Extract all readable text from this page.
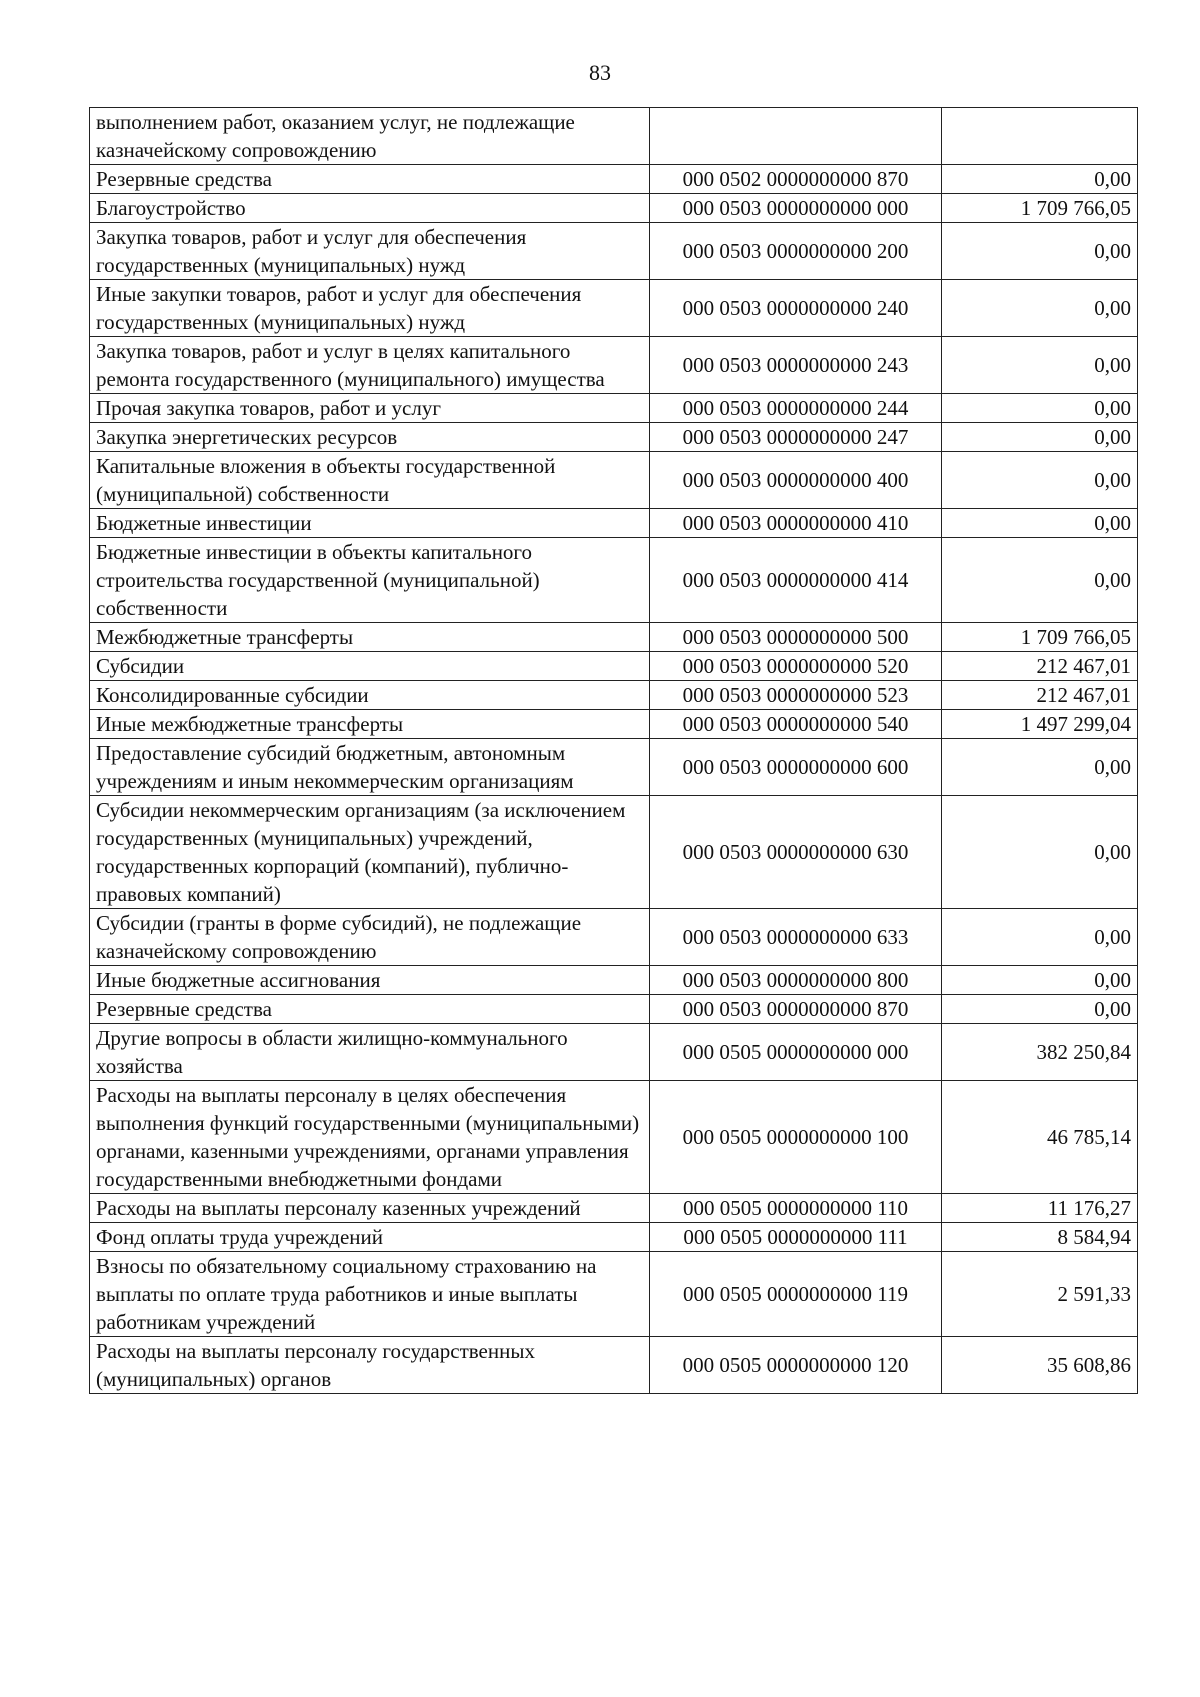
83
выполнением работ, оказанием услуг, не подлежащие казначейскому сопровождению		
Резервные средства	000 0502 0000000000 870	0,00
Благоустройство	000 0503 0000000000 000	1 709 766,05
Закупка товаров, работ и услуг для обеспечения государственных (муниципальных) нужд	000 0503 0000000000 200	0,00
Иные закупки товаров, работ и услуг для обеспечения государственных (муниципальных) нужд	000 0503 0000000000 240	0,00
Закупка товаров, работ и услуг в целях капитального ремонта государственного (муниципального) имущества	000 0503 0000000000 243	0,00
Прочая закупка товаров, работ и услуг	000 0503 0000000000 244	0,00
Закупка энергетических ресурсов	000 0503 0000000000 247	0,00
Капитальные вложения в объекты государственной (муниципальной) собственности	000 0503 0000000000 400	0,00
Бюджетные инвестиции	000 0503 0000000000 410	0,00
Бюджетные инвестиции в объекты капитального строительства государственной (муниципальной) собственности	000 0503 0000000000 414	0,00
Межбюджетные трансферты	000 0503 0000000000 500	1 709 766,05
Субсидии	000 0503 0000000000 520	212 467,01
Консолидированные субсидии	000 0503 0000000000 523	212 467,01
Иные межбюджетные трансферты	000 0503 0000000000 540	1 497 299,04
Предоставление субсидий бюджетным, автономным учреждениям и иным некоммерческим организациям	000 0503 0000000000 600	0,00
Субсидии некоммерческим организациям (за исключением государственных (муниципальных) учреждений, государственных корпораций (компаний), публично-правовых компаний)	000 0503 0000000000 630	0,00
Субсидии (гранты в форме субсидий), не подлежащие казначейскому сопровождению	000 0503 0000000000 633	0,00
Иные бюджетные ассигнования	000 0503 0000000000 800	0,00
Резервные средства	000 0503 0000000000 870	0,00
Другие вопросы в области жилищно-коммунального хозяйства	000 0505 0000000000 000	382 250,84
Расходы на выплаты персоналу в целях обеспечения выполнения функций государственными (муниципальными) органами, казенными учреждениями, органами управления государственными внебюджетными фондами	000 0505 0000000000 100	46 785,14
Расходы на выплаты персоналу казенных учреждений	000 0505 0000000000 110	11 176,27
Фонд оплаты труда учреждений	000 0505 0000000000 111	8 584,94
Взносы по обязательному социальному страхованию на выплаты по оплате труда работников и иные выплаты работникам учреждений	000 0505 0000000000 119	2 591,33
Расходы на выплаты персоналу государственных (муниципальных) органов	000 0505 0000000000 120	35 608,86
